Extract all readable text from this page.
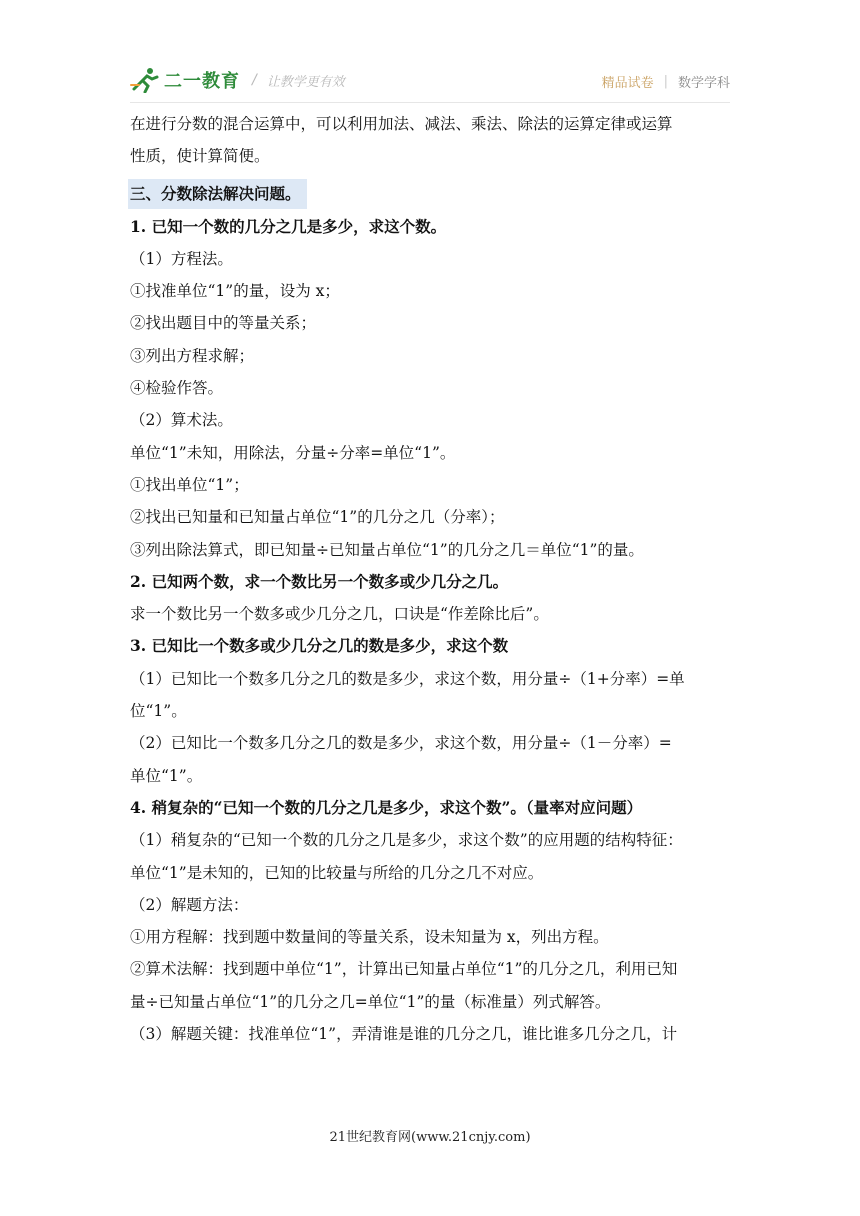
二一教育 / 让教学更有效	精品试卷 | 数学学科

在进行分数的混合运算中，可以利用加法、减法、乘法、除法的运算定律或运算

性质，使计算简便。

三、分数除法解决问题。

1. 已知一个数的几分之几是多少，求这个数。

（1）方程法。

①找准单位“1”的量，设为 x；

②找出题目中的等量关系；

③列出方程求解；

④检验作答。

（2）算术法。

单位“1”未知，用除法，分量÷分率=单位“1”。

①找出单位“1”；

②找出已知量和已知量占单位“1”的几分之几（分率）；

③列出除法算式，即已知量÷已知量占单位“1”的几分之几＝单位“1”的量。

2. 已知两个数，求一个数比另一个数多或少几分之几。

求一个数比另一个数多或少几分之几，口诀是“作差除比后”。

3. 已知比一个数多或少几分之几的数是多少，求这个数

（1）已知比一个数多几分之几的数是多少，求这个数，用分量÷（1+分率）=单

位“1”。

（2）已知比一个数多几分之几的数是多少，求这个数，用分量÷（1－分率）=

单位“1”。

4. 稍复杂的“已知一个数的几分之几是多少，求这个数”。（量率对应问题）

（1）稍复杂的“已知一个数的几分之几是多少，求这个数”的应用题的结构特征：

单位“1”是未知的，已知的比较量与所给的几分之几不对应。

（2）解题方法：

①用方程解：找到题中数量间的等量关系，设未知量为 x，列出方程。

②算术法解：找到题中单位“1”，计算出已知量占单位“1”的几分之几，利用已知

量÷已知量占单位“1”的几分之几=单位“1”的量（标准量）列式解答。

（3）解题关键：找准单位“1”，弄清谁是谁的几分之几，谁比谁多几分之几，计

21世纪教育网(www.21cnjy.com)
